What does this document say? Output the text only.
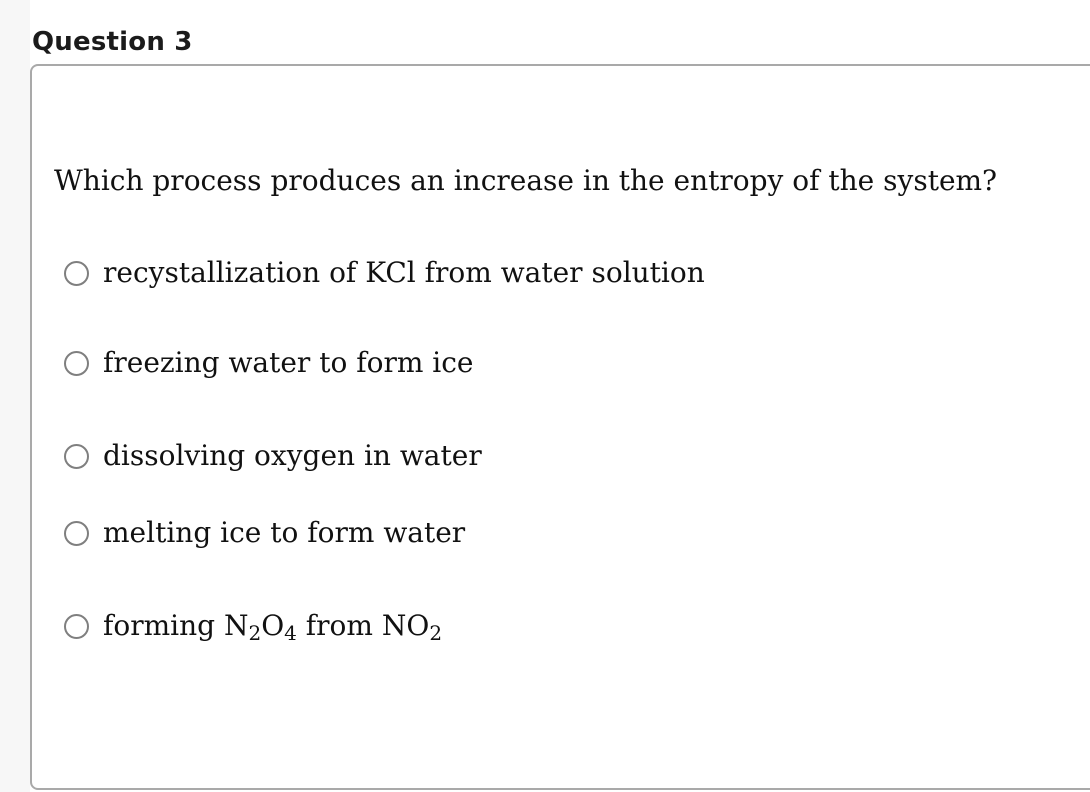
Question 3

Which process produces an increase in the entropy of the system?

recystallization of KCl from water solution
freezing water to form ice
dissolving oxygen in water
melting ice to form water
forming $N_2O_4$ from $NO_2$
